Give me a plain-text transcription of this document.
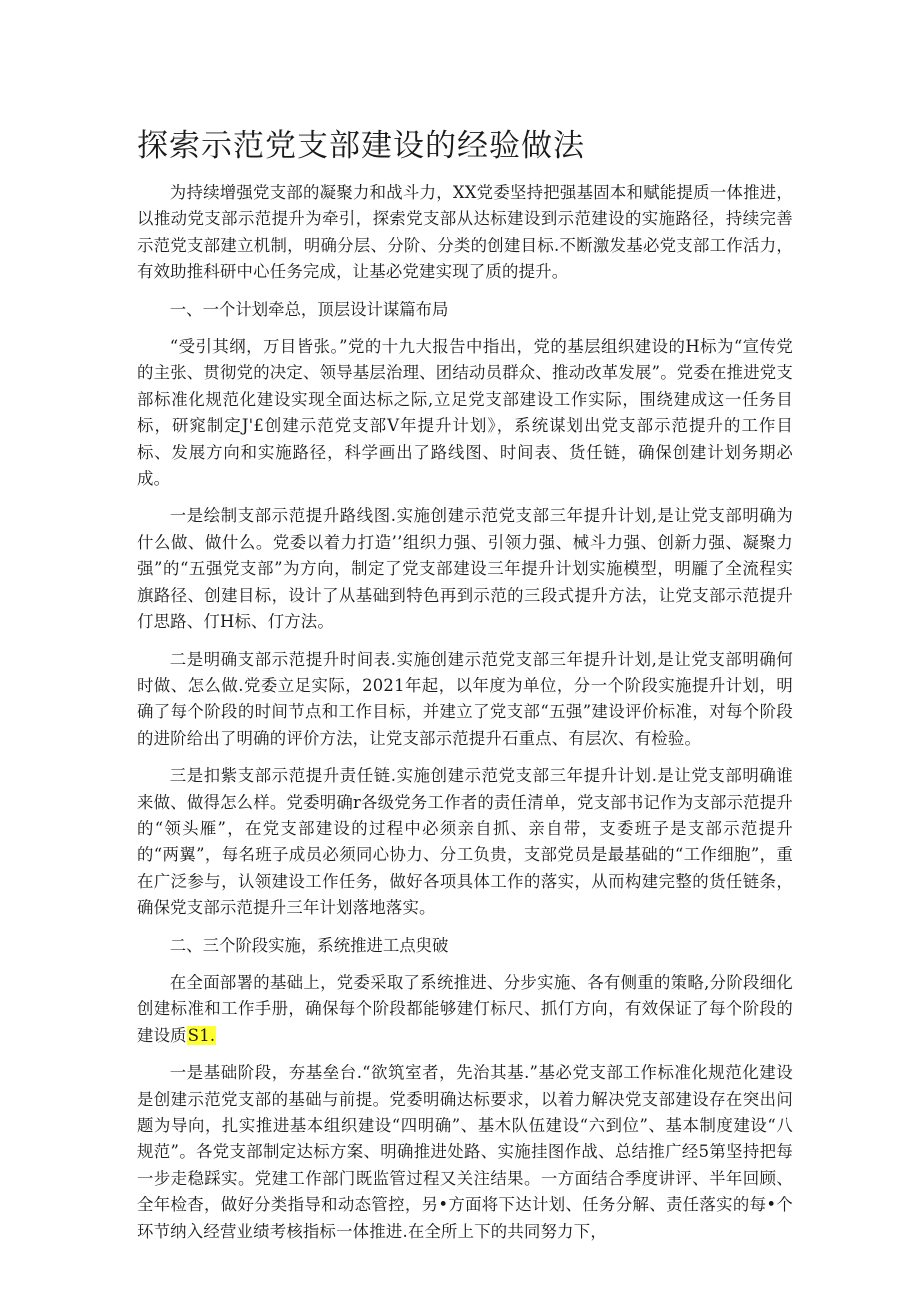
探索示范党支部建设的经验做法

为持续增强党支部的凝聚力和战斗力，XX党委坚持把强基固本和赋能提质一体推进，以推动党支部示范提升为牵引，探索党支部从达标建设到示范建设的实施路径，持续完善示范党支部建立机制，明确分层、分阶、分类的创建目标.不断激发基必党支部工作活力，有效助推科研中心任务完成，让基必党建实现了质的提升。

一、一个计划牵总，顶层设计谋篇布局

“受引其纲，万目皆张。”党的十九大报告中指出，党的基层组织建设的H标为“宣传党的主张、贯彻党的决定、领导基层治理、团结动员群众、推动改革发展”。党委在推进党支部标准化规范化建设实现全面达标之际,立足党支部建设工作实际，围绕建成这一任务目标，研窕制定J'£创建示范党支部V年提升计划》，系统谋划出党支部示范提升的工作目标、发展方向和实施路径，科学画出了路线图、时间表、货任链，确保创建计划务期必成。

一是绘制支部示范提升路线图.实施创建示范党支部三年提升计划,是让党支部明确为什么做、做什么。党委以着力打造’’组织力强、引领力强、械斗力强、创新力强、凝聚力强”的“五强党支部”为方向，制定了党支部建设三年提升计划实施模型，明龎了全流程实旗路径、创建目标，设计了从基础到特色再到示范的三段式提升方法，让党支部示范提升仃思路、仃H标、仃方法。

二是明确支部示范提升时间表.实施创建示范党支部三年提升计划,是让党支部明确何时做、怎么做.党委立足实际，2021年起，以年度为单位，分一个阶段实施提升计划，明确了每个阶段的时间节点和工作目标，并建立了党支部“五强”建设评价标准，对每个阶段的进阶给出了明确的评价方法，让党支部示范提升石重点、有层次、有检验。

三是扣紫支部示范提升责任链.实施创建示范党支部三年提升计划.是让党支部明确谁来做、做得怎么样。党委明确r各级党务工作者的责任清单，党支部书记作为支部示范提升的“领头雁”，在党支部建设的过程中必须亲自抓、亲自带，支委班子是支部示范提升的“两翼”，每名班子成员必须同心协力、分工负贵，支部党员是最基础的“工作细胞”，重在广泛参与，认领建设工作任务，做好各项具体工作的落实，从而构建完整的货任链条，确保党支部示范提升三年计划落地落实。

二、三个阶段实施，系统推进工点臾破

在全面部署的基础上，党委采取了系统推进、分步实施、各有侧重的策略,分阶段细化创建标准和工作手册，确保每个阶段都能够建仃标尺、抓仃方向，有效保证了每个阶段的建设质S1.

一是基础阶段，夯基垒台.“欲筑室者，先治其基.”基必党支部工作标准化规范化建设是创建示范党支部的基础与前提。党委明确达标要求，以着力解决党支部建设存在突出问题为导向，扎实推进基本组织建设“四明确”、基木队伍建设“六到位”、基本制度建设“八规范”。各党支部制定达标方案、明确推进处路、实施挂图作战、总结推广经5第坚持把每一步走稳踩实。党建工作部门既监管过程又关注结果。一方面结合季度讲评、半年回顾、全年检杳，做好分类指导和动态管控，另•方面将下达计划、任务分解、责任落实的每•个环节纳入经营业绩考核指标一体推进.在全所上下的共同努力下，
